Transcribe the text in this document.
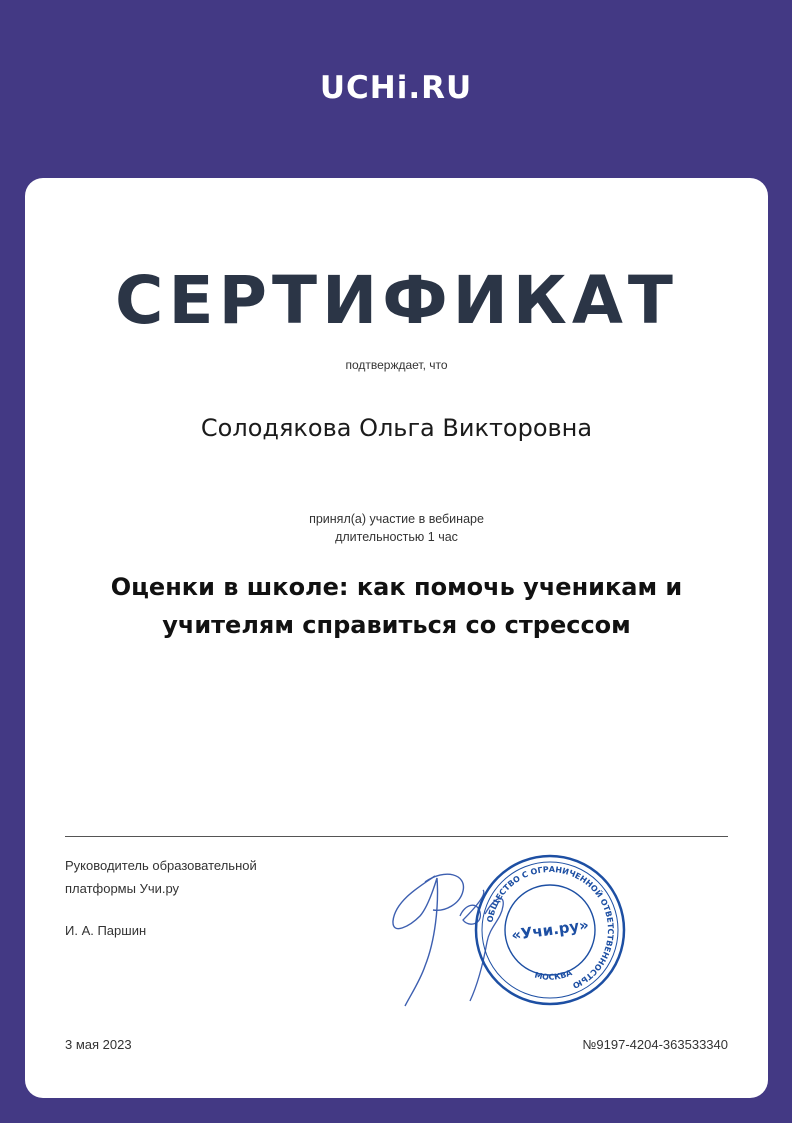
UCHi.RU
СЕРТИФИКАТ
подтверждает, что
Солодякова Ольга Викторовна
принял(а) участие в вебинаре
длительностью 1 час
Оценки в школе: как помочь ученикам и
учителям справиться со стрессом
Руководитель образовательной
платформы Учи.ру
И. А. Паршин
ОБЩЕСТВО С ОГРАНИЧЕННОЙ ОТВЕТСТВЕННОСТЬЮ
МОСКВА
«Учи.ру»
3 мая 2023	№9197-4204-363533340
